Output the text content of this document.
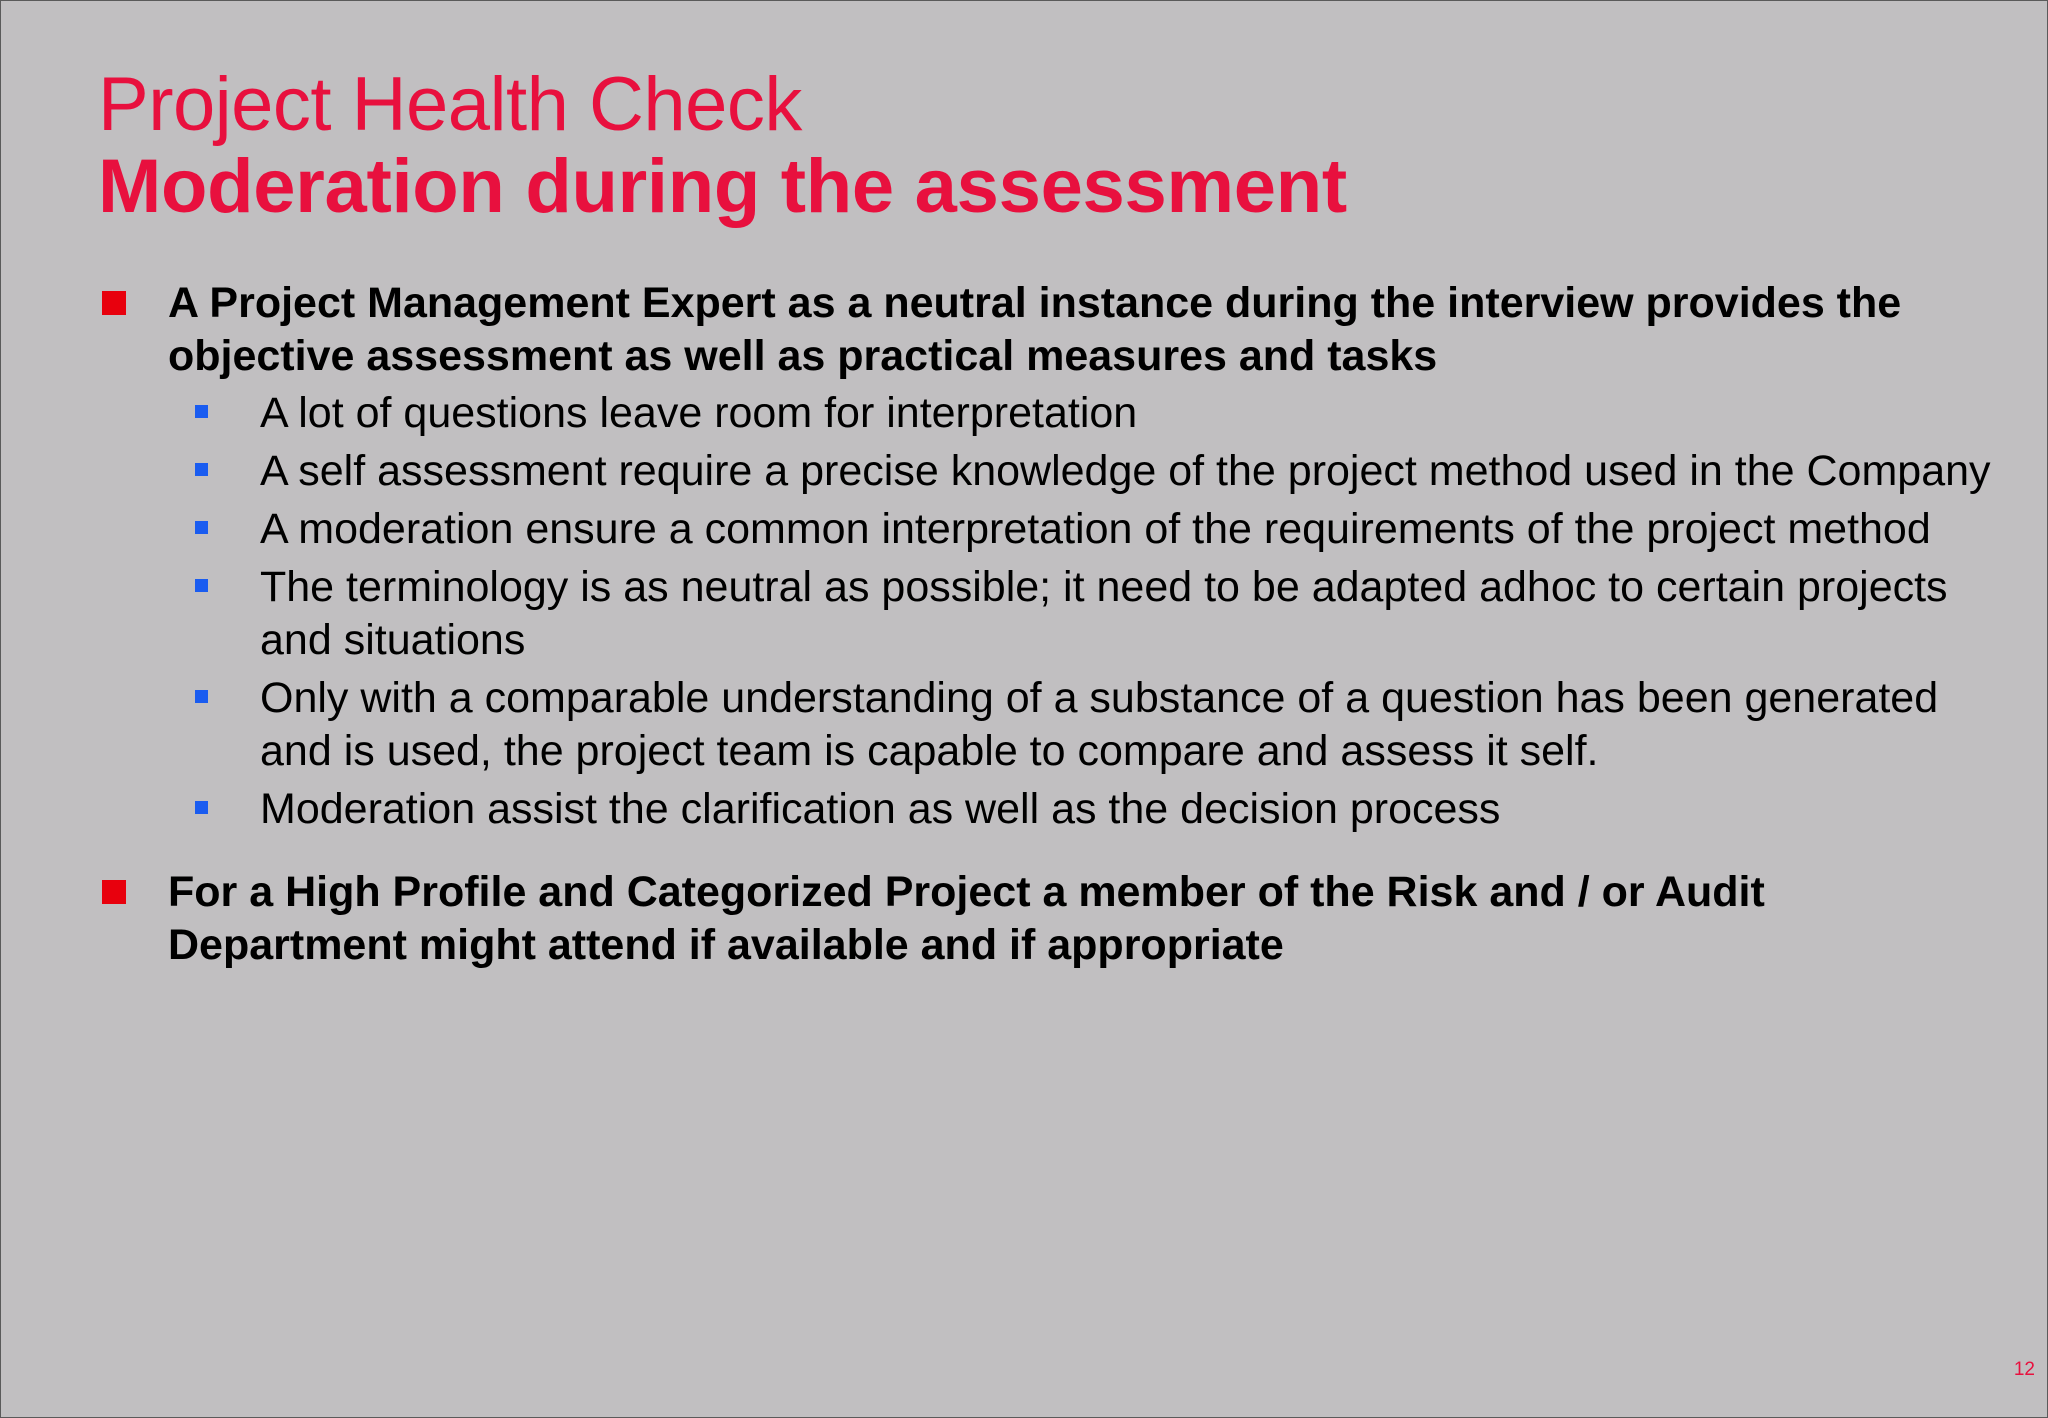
Project Health Check
Moderation during the assessment
A Project Management Expert as a neutral instance during the interview provides the objective assessment as well as practical measures and tasks
A lot of questions leave room for interpretation
A self assessment require a precise knowledge of the project method used in the Company
A moderation ensure a common interpretation of the requirements of the project method
The terminology is as neutral as possible; it need to be adapted adhoc to certain projects and situations
Only with a comparable understanding of a substance of a question has been generated and is used, the project team is capable to compare and assess it self.
Moderation assist the clarification as well as the decision process
For a High Profile and Categorized Project a member of the Risk and / or Audit Department might attend if available and if appropriate
12
